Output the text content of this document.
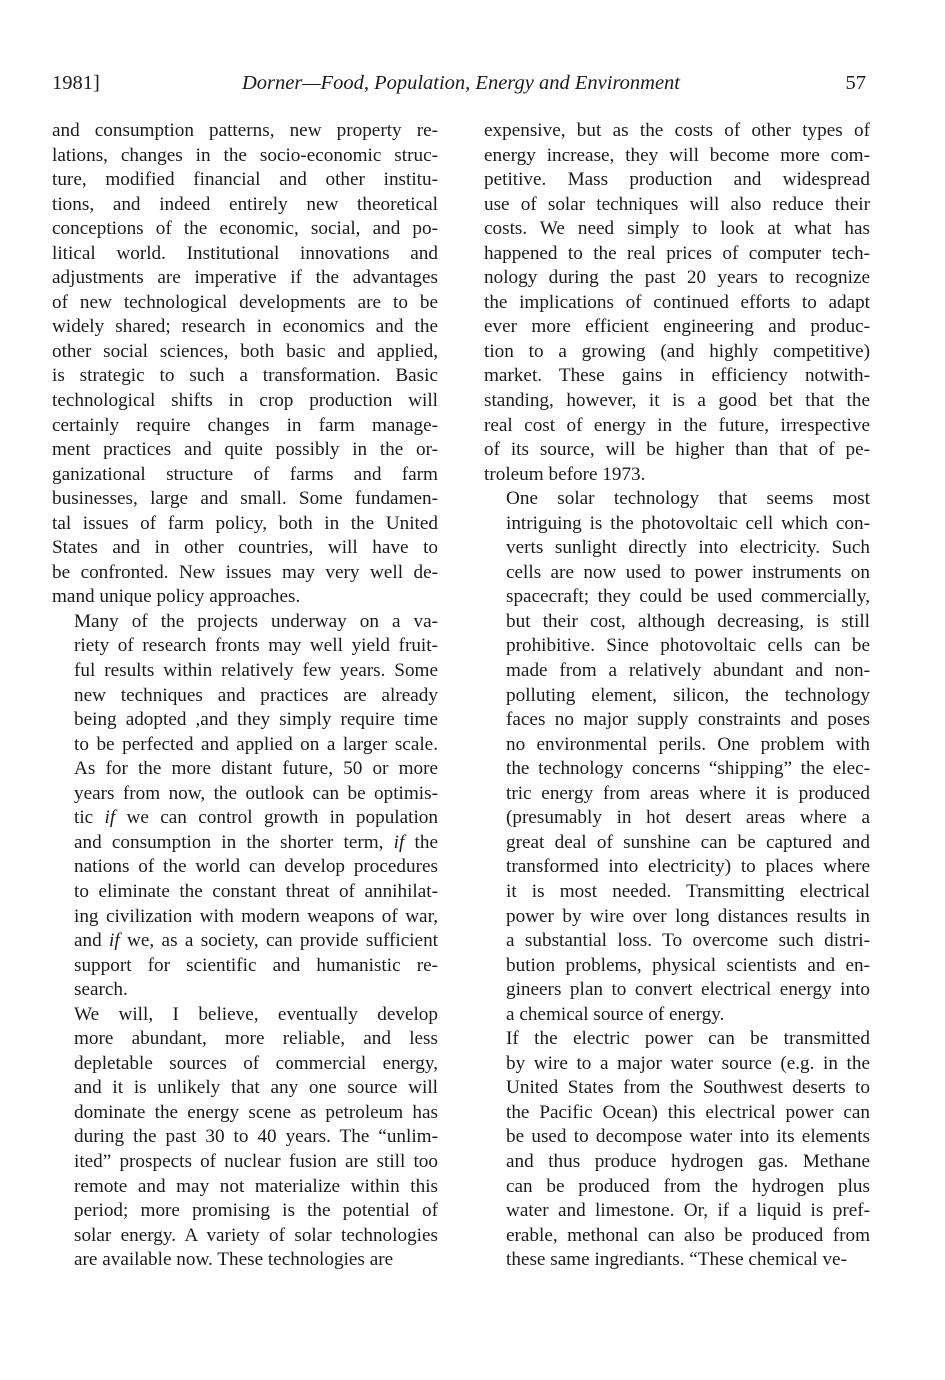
1981]	Dorner—Food, Population, Energy and Environment	57

and consumption patterns, new property re-
lations, changes in the socio-economic struc-
ture, modified financial and other institu-
tions, and indeed entirely new theoretical
conceptions of the economic, social, and po-
litical world. Institutional innovations and
adjustments are imperative if the advantages
of new technological developments are to be
widely shared; research in economics and the
other social sciences, both basic and applied,
is strategic to such a transformation. Basic
technological shifts in crop production will
certainly require changes in farm manage-
ment practices and quite possibly in the or-
ganizational structure of farms and farm
businesses, large and small. Some fundamen-
tal issues of farm policy, both in the United
States and in other countries, will have to
be confronted. New issues may very well de-
mand unique policy approaches.

Many of the projects underway on a va-
riety of research fronts may well yield fruit-
ful results within relatively few years. Some
new techniques and practices are already
being adopted ,and they simply require time
to be perfected and applied on a larger scale.
As for the more distant future, 50 or more
years from now, the outlook can be optimis-
tic if we can control growth in population
and consumption in the shorter term, if the
nations of the world can develop procedures
to eliminate the constant threat of annihilat-
ing civilization with modern weapons of war,
and if we, as a society, can provide sufficient
support for scientific and humanistic re-
search.

We will, I believe, eventually develop
more abundant, more reliable, and less
depletable sources of commercial energy,
and it is unlikely that any one source will
dominate the energy scene as petroleum has
during the past 30 to 40 years. The “unlim-
ited” prospects of nuclear fusion are still too
remote and may not materialize within this
period; more promising is the potential of
solar energy. A variety of solar technologies
are available now. These technologies are

expensive, but as the costs of other types of
energy increase, they will become more com-
petitive. Mass production and widespread
use of solar techniques will also reduce their
costs. We need simply to look at what has
happened to the real prices of computer tech-
nology during the past 20 years to recognize
the implications of continued efforts to adapt
ever more efficient engineering and produc-
tion to a growing (and highly competitive)
market. These gains in efficiency notwith-
standing, however, it is a good bet that the
real cost of energy in the future, irrespective
of its source, will be higher than that of pe-
troleum before 1973.

One solar technology that seems most
intriguing is the photovoltaic cell which con-
verts sunlight directly into electricity. Such
cells are now used to power instruments on
spacecraft; they could be used commercially,
but their cost, although decreasing, is still
prohibitive. Since photovoltaic cells can be
made from a relatively abundant and non-
polluting element, silicon, the technology
faces no major supply constraints and poses
no environmental perils. One problem with
the technology concerns “shipping” the elec-
tric energy from areas where it is produced
(presumably in hot desert areas where a
great deal of sunshine can be captured and
transformed into electricity) to places where
it is most needed. Transmitting electrical
power by wire over long distances results in
a substantial loss. To overcome such distri-
bution problems, physical scientists and en-
gineers plan to convert electrical energy into
a chemical source of energy.

If the electric power can be transmitted
by wire to a major water source (e.g. in the
United States from the Southwest deserts to
the Pacific Ocean) this electrical power can
be used to decompose water into its elements
and thus produce hydrogen gas. Methane
can be produced from the hydrogen plus
water and limestone. Or, if a liquid is pref-
erable, methonal can also be produced from
these same ingrediants. “These chemical ve-
